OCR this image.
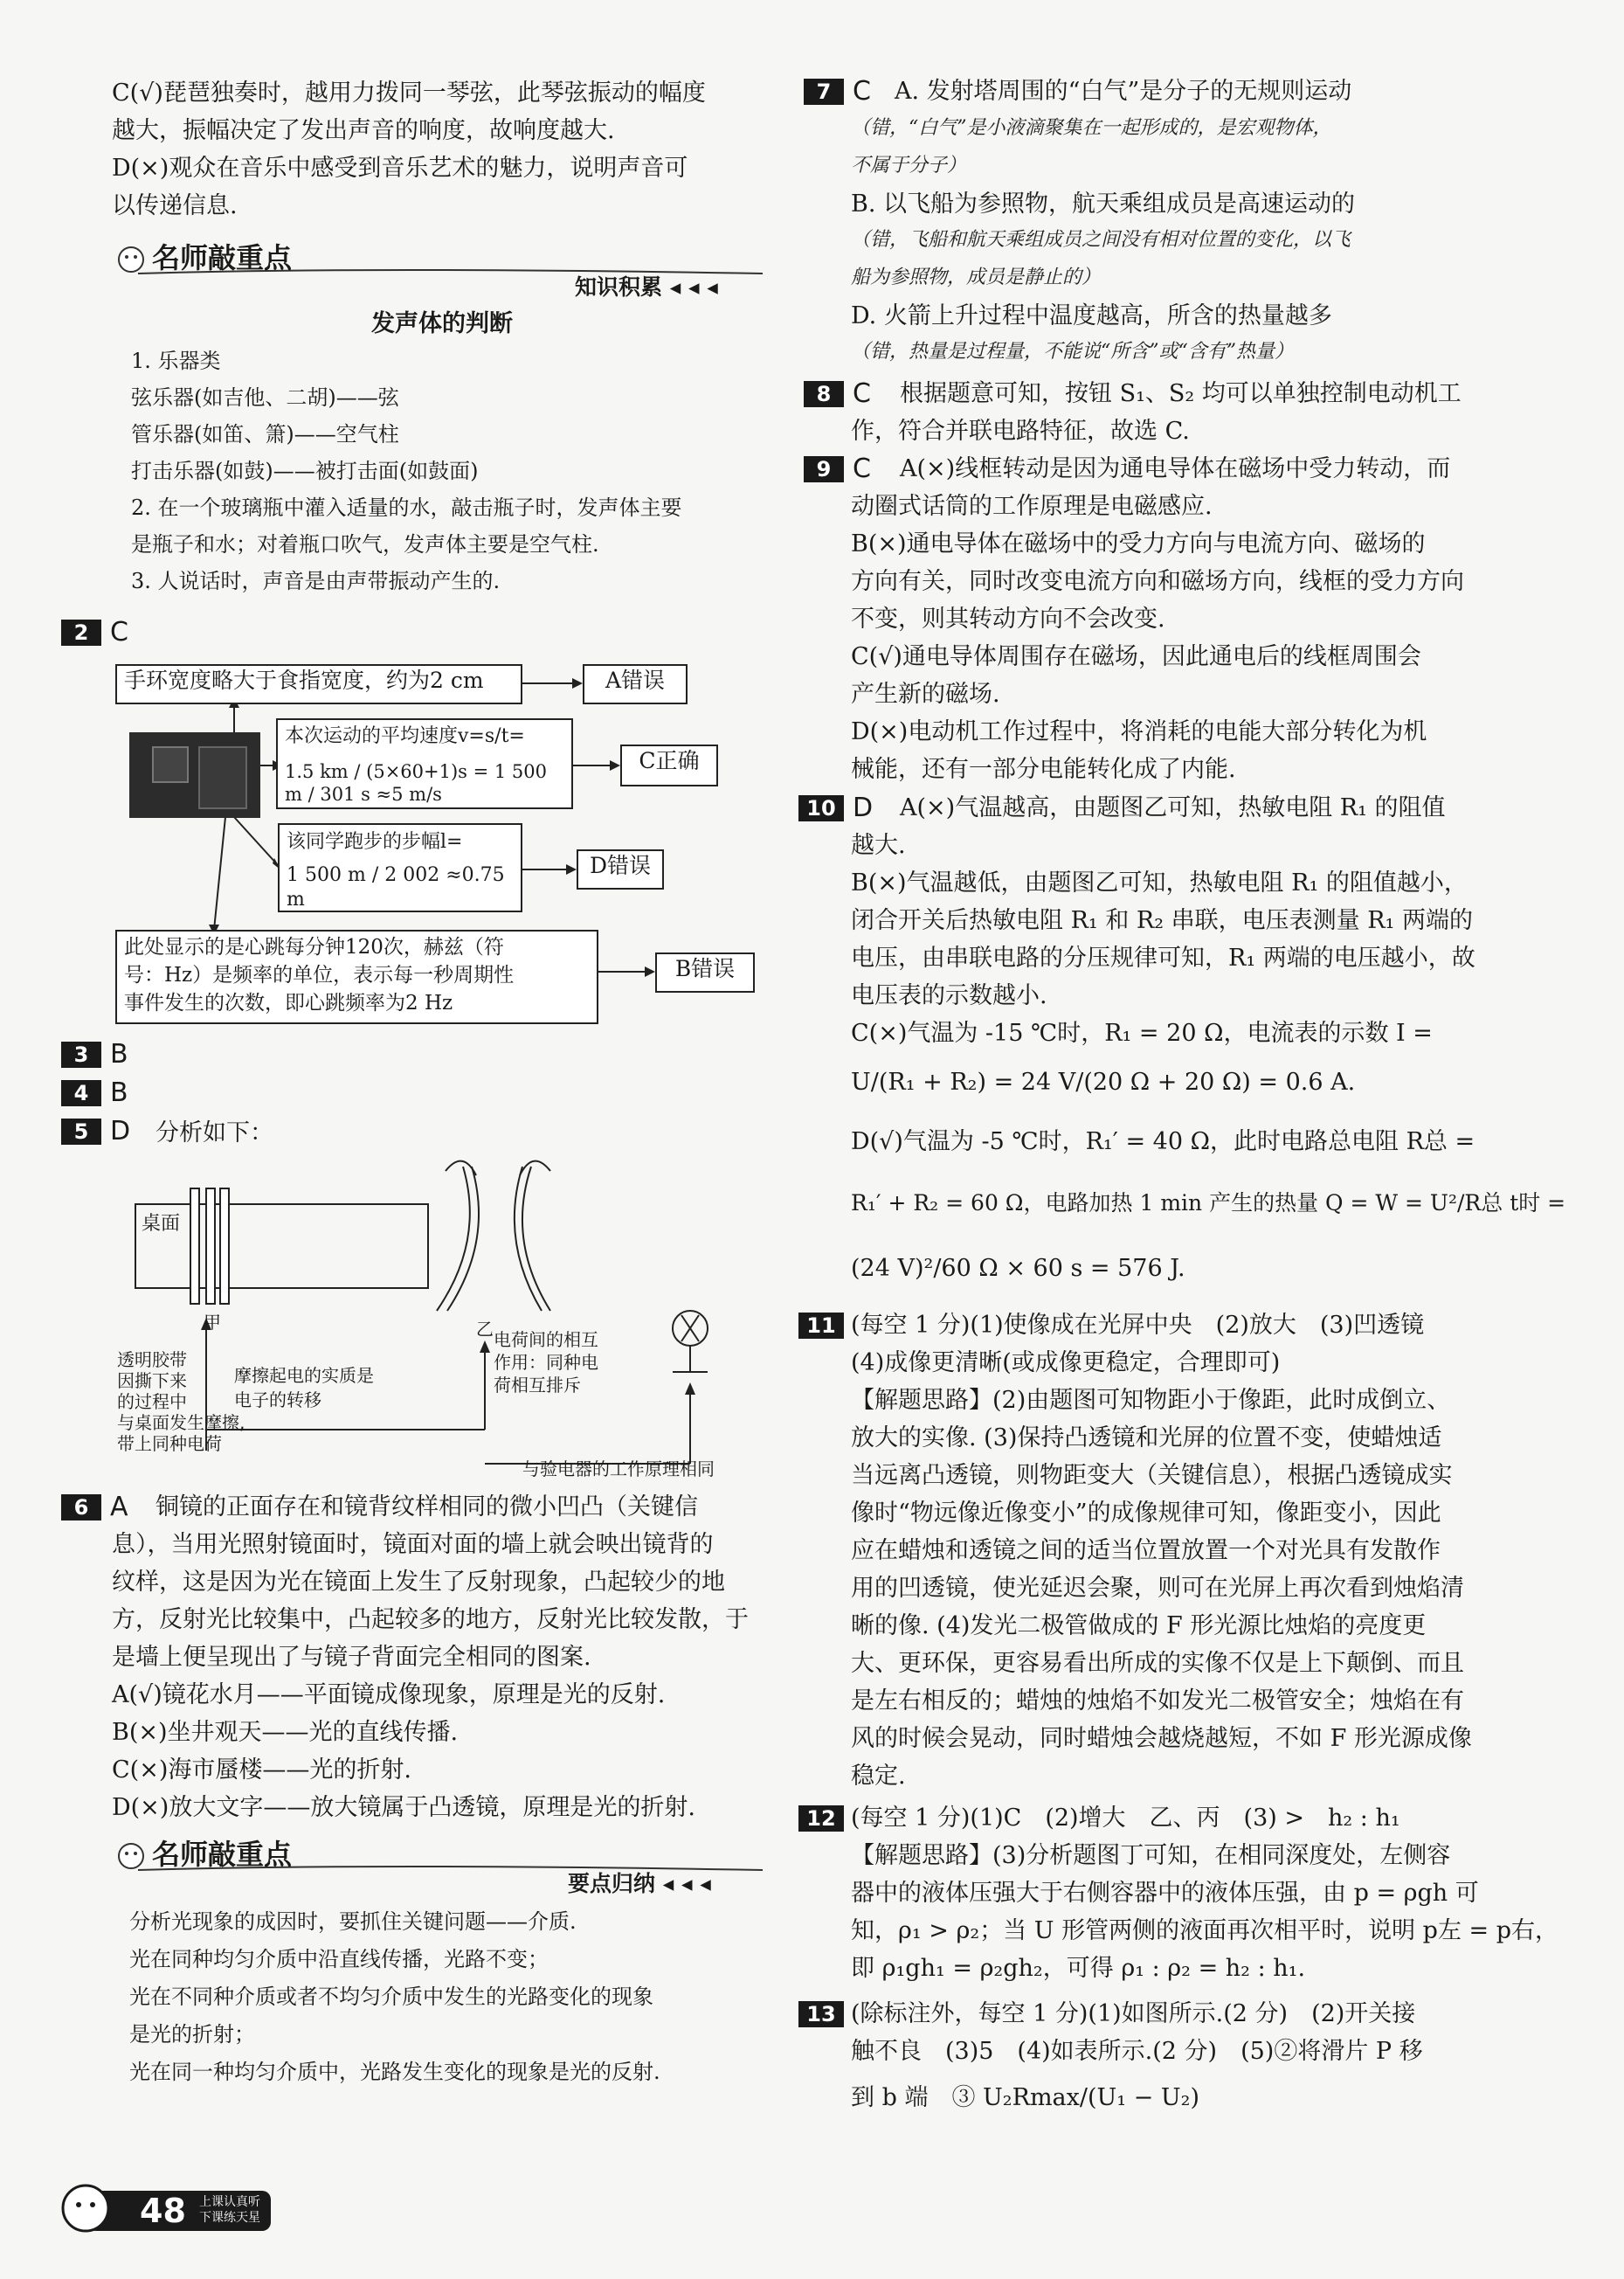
C(√)琵琶独奏时，越用力拨同一琴弦，此琴弦振动的幅度
越大，振幅决定了发出声音的响度，故响度越大.
D(×)观众在音乐中感受到音乐艺术的魅力，说明声音可
以传递信息.
名师敲重点
知识积累 ◂ ◂ ◂
发声体的判断
1. 乐器类
弦乐器(如吉他、二胡)——弦
管乐器(如笛、箫)——空气柱
打击乐器(如鼓)——被打击面(如鼓面)
2. 在一个玻璃瓶中灌入适量的水，敲击瓶子时，发声体主要
是瓶子和水；对着瓶口吹气，发声体主要是空气柱.
3. 人说话时，声音是由声带振动产生的.
2 C
手环宽度略大于食指宽度，约为2 cm	A错误
本次运动的平均速度v=s/t=
1.5 km / (5×60+1)s = 1 500 m / 301 s ≈5 m/s
C正确
该同学跑步的步幅l=
1 500 m / 2 002 ≈0.75 m
D错误
此处显示的是心跳每分钟120次，赫兹（符
号：Hz）是频率的单位，表示每一秒周期性
事件发生的次数，即心跳频率为2 Hz
B错误
3 B
4 B
5 D 分析如下：
桌面
甲	乙
透明胶带
因撕下来
的过程中
与桌面发生摩擦,
带上同种电荷
摩擦起电的实质是
电子的转移
电荷间的相互
作用：同种电
荷相互排斥
与验电器的工作原理相同
6 A 铜镜的正面存在和镜背纹样相同的微小凹凸（关键信
息），当用光照射镜面时，镜面对面的墙上就会映出镜背的
纹样，这是因为光在镜面上发生了反射现象，凸起较少的地
方，反射光比较集中，凸起较多的地方，反射光比较发散，于
是墙上便呈现出了与镜子背面完全相同的图案.
A(√)镜花水月——平面镜成像现象，原理是光的反射.
B(×)坐井观天——光的直线传播.
C(×)海市蜃楼——光的折射.
D(×)放大文字——放大镜属于凸透镜，原理是光的折射.
名师敲重点
要点归纳 ◂ ◂ ◂
分析光现象的成因时，要抓住关键问题——介质.
光在同种均匀介质中沿直线传播，光路不变；
光在不同种介质或者不均匀介质中发生的光路变化的现象
是光的折射；
光在同一种均匀介质中，光路发生变化的现象是光的反射.
48 上课认真听
下课练天星
7 C A. 发射塔周围的“白气”是分子的无规则运动
（错，“白气”是小液滴聚集在一起形成的，是宏观物体，
不属于分子）
B. 以飞船为参照物，航天乘组成员是高速运动的
（错，飞船和航天乘组成员之间没有相对位置的变化，以飞
船为参照物，成员是静止的）
D. 火箭上升过程中温度越高，所含的热量越多
（错，热量是过程量，不能说“所含”或“含有”热量）
8 C 根据题意可知，按钮 S₁、S₂ 均可以单独控制电动机工
作，符合并联电路特征，故选 C.
9 C A(×)线框转动是因为通电导体在磁场中受力转动，而
动圈式话筒的工作原理是电磁感应.
B(×)通电导体在磁场中的受力方向与电流方向、磁场的
方向有关，同时改变电流方向和磁场方向，线框的受力方向
不变，则其转动方向不会改变.
C(√)通电导体周围存在磁场，因此通电后的线框周围会
产生新的磁场.
D(×)电动机工作过程中，将消耗的电能大部分转化为机
械能，还有一部分电能转化成了内能.
10 D A(×)气温越高，由题图乙可知，热敏电阻 R₁ 的阻值
越大.
B(×)气温越低，由题图乙可知，热敏电阻 R₁ 的阻值越小，
闭合开关后热敏电阻 R₁ 和 R₂ 串联，电压表测量 R₁ 两端的
电压，由串联电路的分压规律可知，R₁ 两端的电压越小，故
电压表的示数越小.
C(×)气温为 -15 ℃时，R₁ = 20 Ω，电流表的示数 I =
U/(R₁ + R₂) = 24 V/(20 Ω + 20 Ω) = 0.6 A.
D(√)气温为 -5 ℃时，R₁′ = 40 Ω，此时电路总电阻 R总 =
R₁′ + R₂ = 60 Ω，电路加热 1 min 产生的热量 Q = W = U²/R总 t时 =
(24 V)²/60 Ω × 60 s = 576 J.
11 (每空 1 分)(1)使像成在光屏中央　(2)放大　(3)凹透镜
(4)成像更清晰(或成像更稳定，合理即可)
【解题思路】(2)由题图可知物距小于像距，此时成倒立、
放大的实像. (3)保持凸透镜和光屏的位置不变，使蜡烛适
当远离凸透镜，则物距变大（关键信息），根据凸透镜成实
像时“物远像近像变小”的成像规律可知，像距变小，因此
应在蜡烛和透镜之间的适当位置放置一个对光具有发散作
用的凹透镜，使光延迟会聚，则可在光屏上再次看到烛焰清
晰的像. (4)发光二极管做成的 F 形光源比烛焰的亮度更
大、更环保，更容易看出所成的实像不仅是上下颠倒、而且
是左右相反的；蜡烛的烛焰不如发光二极管安全；烛焰在有
风的时候会晃动，同时蜡烛会越烧越短，不如 F 形光源成像
稳定.
12 (每空 1 分)(1)C　(2)增大　乙、丙　(3) >　h₂ : h₁
【解题思路】(3)分析题图丁可知，在相同深度处，左侧容
器中的液体压强大于右侧容器中的液体压强，由 p = ρgh 可
知，ρ₁ > ρ₂；当 U 形管两侧的液面再次相平时，说明 p左 = p右，
即 ρ₁gh₁ = ρ₂gh₂，可得 ρ₁ : ρ₂ = h₂ : h₁.
13 (除标注外，每空 1 分)(1)如图所示.(2 分)　(2)开关接
触不良　(3)5　(4)如表所示.(2 分)　(5)②将滑片 P 移
到 b 端　③ U₂Rmax/(U₁ − U₂)
